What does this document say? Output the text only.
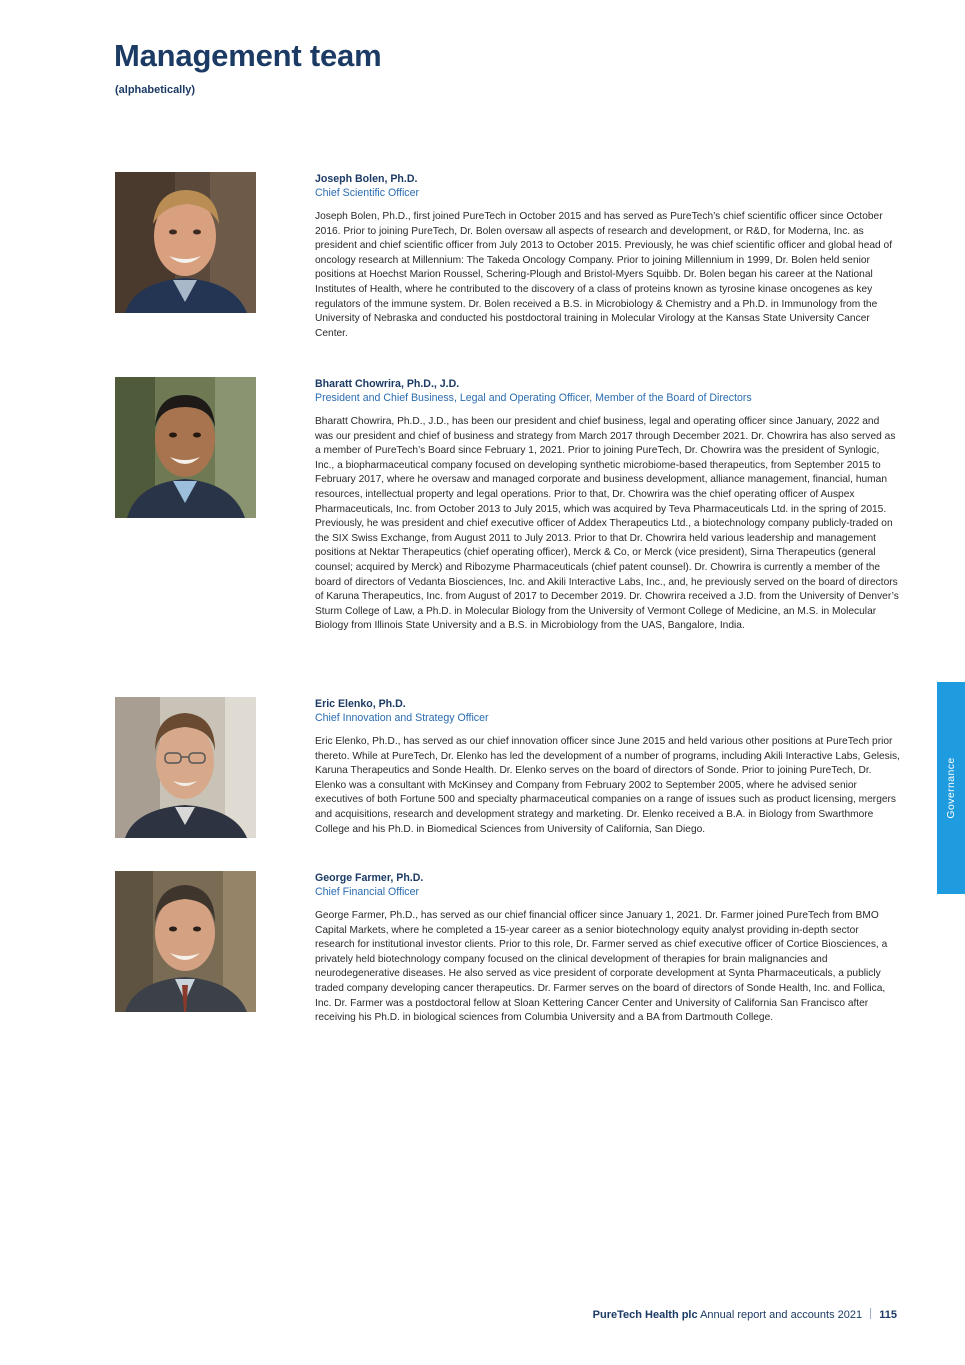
Management team
(alphabetically)
Joseph Bolen, Ph.D.
Chief Scientific Officer
Joseph Bolen, Ph.D., first joined PureTech in October 2015 and has served as PureTech’s chief scientific officer since October 2016. Prior to joining PureTech, Dr. Bolen oversaw all aspects of research and development, or R&D, for Moderna, Inc. as president and chief scientific officer from July 2013 to October 2015. Previously, he was chief scientific officer and global head of oncology research at Millennium: The Takeda Oncology Company. Prior to joining Millennium in 1999, Dr. Bolen held senior positions at Hoechst Marion Roussel, Schering-Plough and Bristol-Myers Squibb. Dr. Bolen began his career at the National Institutes of Health, where he contributed to the discovery of a class of proteins known as tyrosine kinase oncogenes as key regulators of the immune system. Dr. Bolen received a B.S. in Microbiology & Chemistry and a Ph.D. in Immunology from the University of Nebraska and conducted his postdoctoral training in Molecular Virology at the Kansas State University Cancer Center.
Bharatt Chowrira, Ph.D., J.D.
President and Chief Business, Legal and Operating Officer, Member of the Board of Directors
Bharatt Chowrira, Ph.D., J.D., has been our president and chief business, legal and operating officer since January, 2022 and was our president and chief of business and strategy from March 2017 through December 2021. Dr. Chowrira has also served as a member of PureTech’s Board since February 1, 2021. Prior to joining PureTech, Dr. Chowrira was the president of Synlogic, Inc., a biopharmaceutical company focused on developing synthetic microbiome-based therapeutics, from September 2015 to February 2017, where he oversaw and managed corporate and business development, alliance management, financial, human resources, intellectual property and legal operations. Prior to that, Dr. Chowrira was the chief operating officer of Auspex Pharmaceuticals, Inc. from October 2013 to July 2015, which was acquired by Teva Pharmaceuticals Ltd. in the spring of 2015. Previously, he was president and chief executive officer of Addex Therapeutics Ltd., a biotechnology company publicly-traded on the SIX Swiss Exchange, from August 2011 to July 2013. Prior to that Dr. Chowrira held various leadership and management positions at Nektar Therapeutics (chief operating officer), Merck & Co, or Merck (vice president), Sirna Therapeutics (general counsel; acquired by Merck) and Ribozyme Pharmaceuticals (chief patent counsel). Dr. Chowrira is currently a member of the board of directors of Vedanta Biosciences, Inc. and Akili Interactive Labs, Inc., and, he previously served on the board of directors of Karuna Therapeutics, Inc. from August of 2017 to December 2019. Dr. Chowrira received a J.D. from the University of Denver’s Sturm College of Law, a Ph.D. in Molecular Biology from the University of Vermont College of Medicine, an M.S. in Molecular Biology from Illinois State University and a B.S. in Microbiology from the UAS, Bangalore, India.
Eric Elenko, Ph.D.
Chief Innovation and Strategy Officer
Eric Elenko, Ph.D., has served as our chief innovation officer since June 2015 and held various other positions at PureTech prior thereto. While at PureTech, Dr. Elenko has led the development of a number of programs, including Akili Interactive Labs, Gelesis, Karuna Therapeutics and Sonde Health. Dr. Elenko serves on the board of directors of Sonde. Prior to joining PureTech, Dr. Elenko was a consultant with McKinsey and Company from February 2002 to September 2005, where he advised senior executives of both Fortune 500 and specialty pharmaceutical companies on a range of issues such as product licensing, mergers and acquisitions, research and development strategy and marketing. Dr. Elenko received a B.A. in Biology from Swarthmore College and his Ph.D. in Biomedical Sciences from University of California, San Diego.
George Farmer, Ph.D.
Chief Financial Officer
George Farmer, Ph.D., has served as our chief financial officer since January 1, 2021. Dr. Farmer joined PureTech from BMO Capital Markets, where he completed a 15-year career as a senior biotechnology equity analyst providing in-depth sector research for institutional investor clients. Prior to this role, Dr. Farmer served as chief executive officer of Cortice Biosciences, a privately held biotechnology company focused on the clinical development of therapies for brain malignancies and neurodegenerative diseases. He also served as vice president of corporate development at Synta Pharmaceuticals, a publicly traded company developing cancer therapeutics. Dr. Farmer serves on the board of directors of Sonde Health, Inc. and Follica, Inc. Dr. Farmer was a postdoctoral fellow at Sloan Kettering Cancer Center and University of California San Francisco after receiving his Ph.D. in biological sciences from Columbia University and a BA from Dartmouth College.
Governance
PureTech Health plc Annual report and accounts 2021 115
